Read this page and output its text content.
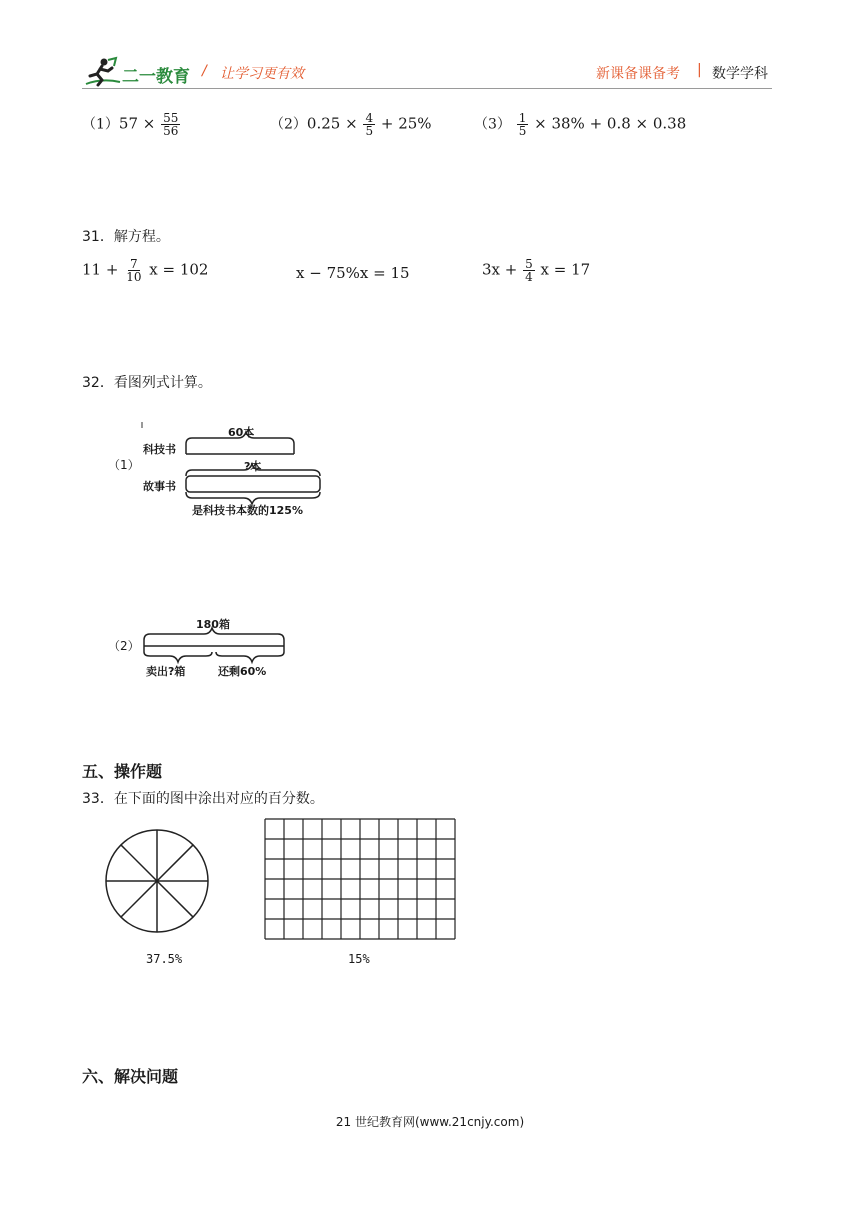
二一教育 / 让学习更有效	新课备课备考 | 数学学科
$(1)57 \times \frac{55}{56}$	$(2)0.25 \times \frac{4}{5} + 25\%$	$(3) \frac{1}{5} \times 38\% + 0.8 \times 0.38$
31．解方程。
$11 + \frac{7}{10}$ x = 102	x − 75%x = 15	$3x + \frac{5}{4}$ x = 17
32．看图列式计算。
（1）
60本
科技书
?本
故事书
是科技书本数的125%
（2）
180箱
卖出?箱	还剩60%
五、操作题
33．在下面的图中涂出对应的百分数。
37.5%	15%
六、解决问题
21 世纪教育网(www.21cnjy.com)
